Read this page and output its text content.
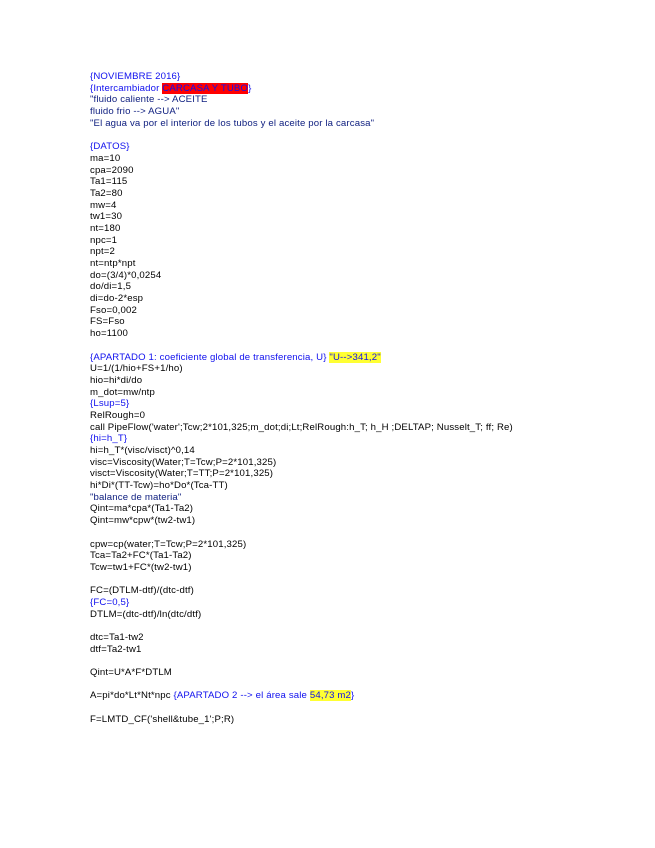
{NOVIEMBRE 2016}
{Intercambiador CARCASA Y TUBO}
"fluido caliente --> ACEITE
fluido frio --> AGUA"
"El agua va por el interior de los tubos y el aceite por la carcasa"
{DATOS}
ma=10
cpa=2090
Ta1=115
Ta2=80
mw=4
tw1=30
nt=180
npc=1
npt=2
nt=ntp*npt
do=(3/4)*0,0254
do/di=1,5
di=do-2*esp
Fso=0,002
FS=Fso
ho=1100
{APARTADO 1: coeficiente global de transferencia, U} "U-->341,2"
U=1/(1/hio+FS+1/ho)
hio=hi*di/do
m_dot=mw/ntp
{Lsup=5}
RelRough=0
call PipeFlow('water';Tcw;2*101,325;m_dot;di;Lt;RelRough:h_T; h_H ;DELTAP; Nusselt_T; ff; Re)
{hi=h_T}
hi=h_T*(visc/visct)^0,14
visc=Viscosity(Water;T=Tcw;P=2*101,325)
visct=Viscosity(Water;T=TT;P=2*101,325)
hi*Di*(TT-Tcw)=ho*Do*(Tca-TT)
"balance de materia"
Qint=ma*cpa*(Ta1-Ta2)
Qint=mw*cpw*(tw2-tw1)
cpw=cp(water;T=Tcw;P=2*101,325)
Tca=Ta2+FC*(Ta1-Ta2)
Tcw=tw1+FC*(tw2-tw1)
FC=(DTLM-dtf)/(dtc-dtf)
{FC=0,5}
DTLM=(dtc-dtf)/ln(dtc/dtf)
dtc=Ta1-tw2
dtf=Ta2-tw1
Qint=U*A*F*DTLM
A=pi*do*Lt*Nt*npc {APARTADO 2 --> el área sale 54,73 m2}
F=LMTD_CF('shell&tube_1';P;R)
